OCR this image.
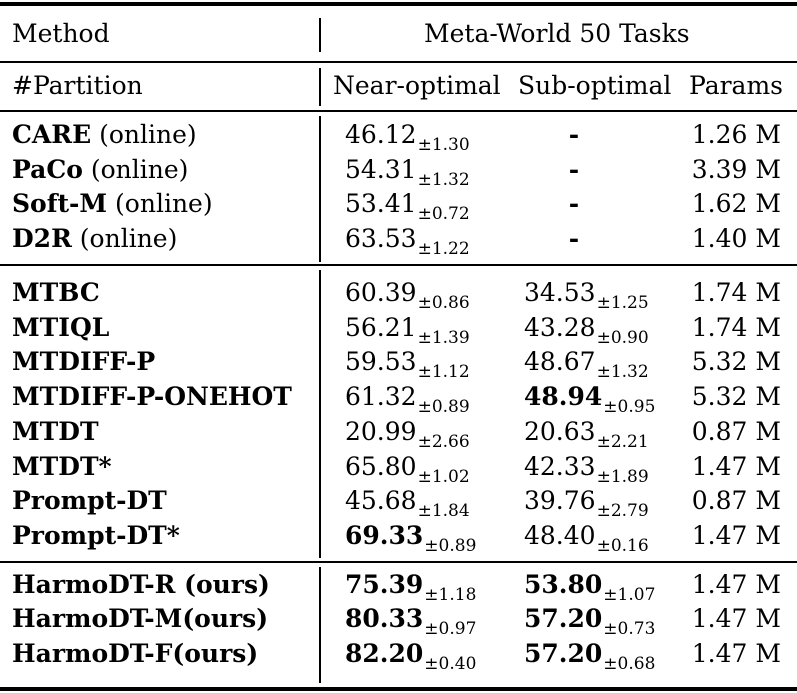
Method	Meta-World 50 Tasks
#Partition	Near-optimal Sub-optimal Params
CARE (online)	$46.12_{\pm 1.30}$	-	1.26 M
PaCo (online)	$54.31_{\pm 1.32}$	-	3.39 M
Soft-M (online)	$53.41_{\pm 0.72}$	-	1.62 M
D2R (online)	$63.53_{\pm 1.22}$	-	1.40 M
MTBC	$60.39_{\pm 0.86}$ $34.53_{\pm 1.25}$ 1.74 M
MTIQL	$56.21_{\pm 1.39}$ $43.28_{\pm 0.90}$ 1.74 M
MTDIFF-P	$59.53_{\pm 1.12}$ $48.67_{\pm 1.32}$ 5.32 M
MTDIFF-P-ONEHOT $61.32_{\pm 0.89}$ $48.94_{\pm 0.95}$ 5.32 M
MTDT	$20.99_{\pm 2.66}$ $20.63_{\pm 2.21}$ 0.87 M
MTDT*	$65.80_{\pm 1.02}$ $42.33_{\pm 1.89}$ 1.47 M
Prompt-DT	$45.68_{\pm 1.84}$ $39.76_{\pm 2.79}$ 0.87 M
Prompt-DT*	$69.33_{\pm 0.89}$ $48.40_{\pm 0.16}$ 1.47 M
HarmoDT-R (ours)	$75.39_{\pm 1.18}$ $53.80_{\pm 1.07}$ 1.47 M
HarmoDT-M(ours)	$80.33_{\pm 0.97}$ $57.20_{\pm 0.73}$ 1.47 M
HarmoDT-F(ours)	$82.20_{\pm 0.40}$ $57.20_{\pm 0.68}$ 1.47 M
